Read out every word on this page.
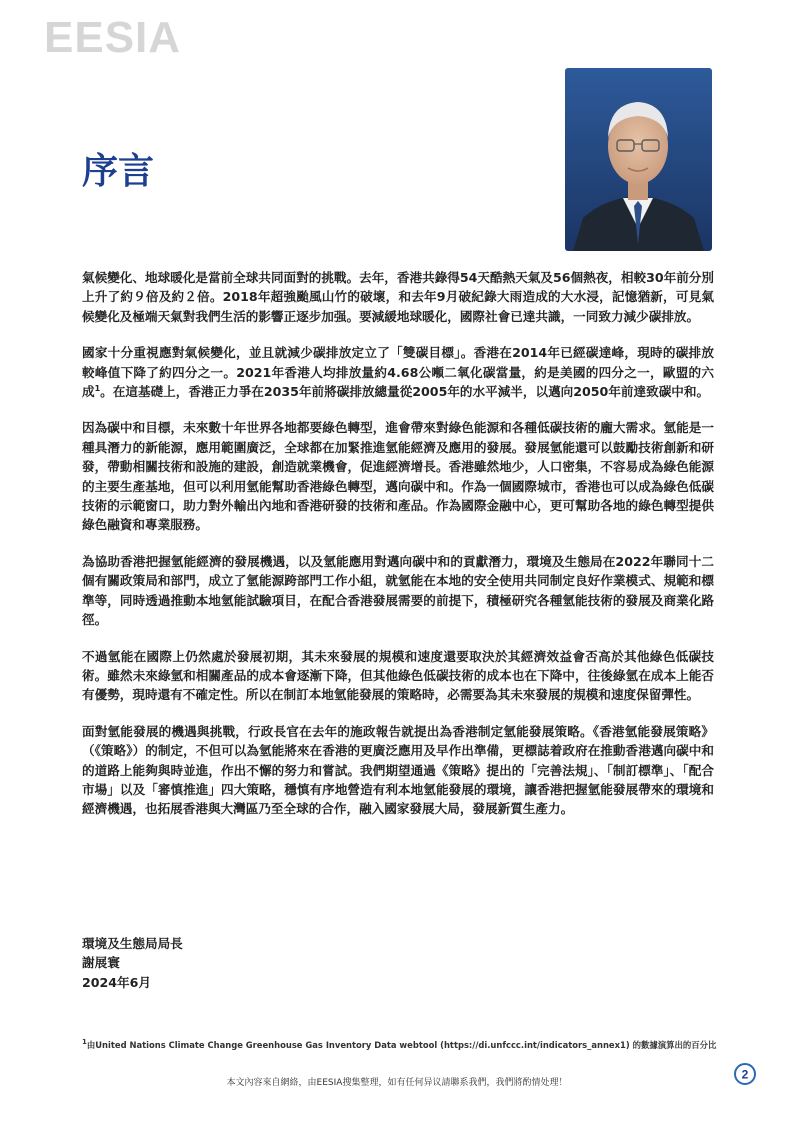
EESIA
序言

氣候變化、地球暖化是當前全球共同面對的挑戰。去年，香港共錄得54天酷熱天氣及56個熱夜，相較30年前分別上升了約９倍及約２倍。2018年超強颱風山竹的破壞，和去年9月破紀錄大雨造成的大水浸，記憶猶新，可見氣候變化及極端天氣對我們生活的影響正逐步加强。要減緩地球暖化，國際社會已達共識，一同致力減少碳排放。

國家十分重視應對氣候變化，並且就減少碳排放定立了「雙碳目標」。香港在2014年已經碳達峰，現時的碳排放較峰值下降了約四分之一。2021年香港人均排放量約4.68公噸二氧化碳當量，約是美國的四分之一，歐盟的六成$^1$。在這基礎上，香港正力爭在2035年前將碳排放總量從2005年的水平減半，以邁向2050年前達致碳中和。

因為碳中和目標，未來數十年世界各地都要綠色轉型，進會帶來對綠色能源和各種低碳技術的龐大需求。氫能是一種具潛力的新能源，應用範圍廣泛，全球都在加緊推進氫能經濟及應用的發展。發展氫能還可以鼓勵技術創新和研發，帶動相關技術和設施的建設，創造就業機會，促進經濟增長。香港雖然地少，人口密集，不容易成為綠色能源的主要生產基地，但可以利用氫能幫助香港綠色轉型，邁向碳中和。作為一個國際城市，香港也可以成為綠色低碳技術的示範窗口，助力對外輸出內地和香港研發的技術和產品。作為國際金融中心，更可幫助各地的綠色轉型提供綠色融資和專業服務。

為協助香港把握氫能經濟的發展機遇，以及氫能應用對邁向碳中和的貢獻潛力，環境及生態局在2022年聯同十二個有關政策局和部門，成立了氫能源跨部門工作小組，就氫能在本地的安全使用共同制定良好作業模式、規範和標準等，同時透過推動本地氫能試驗項目，在配合香港發展需要的前提下，積極研究各種氫能技術的發展及商業化路徑。

不過氫能在國際上仍然處於發展初期，其未來發展的規模和速度還要取決於其經濟效益會否高於其他綠色低碳技術。雖然未來綠氫和相關產品的成本會逐漸下降，但其他綠色低碳技術的成本也在下降中，往後綠氫在成本上能否有優勢，現時還有不確定性。所以在制訂本地氫能發展的策略時，必需要為其未來發展的規模和速度保留彈性。

面對氫能發展的機遇與挑戰，行政長官在去年的施政報告就提出為香港制定氫能發展策略。《香港氫能發展策略》（《策略》）的制定，不但可以為氫能將來在香港的更廣泛應用及早作出準備，更標誌着政府在推動香港邁向碳中和的道路上能夠與時並進，作出不懈的努力和嘗試。我們期望通過《策略》提出的「完善法規」、「制訂標準」、「配合市場」以及「審慎推進」四大策略，穩慎有序地營造有利本地氫能發展的環境，讓香港把握氫能發展帶來的環境和經濟機遇，也拓展香港與大灣區乃至全球的合作，融入國家發展大局，發展新質生產力。

環境及生態局局長
謝展寰
2024年6月
$^1$由United Nations Climate Change Greenhouse Gas Inventory Data webtool (https://di.unfccc.int/indicators_annex1) 的數據演算出的百分比
本文內容來自網絡，由EESIA搜集整理，如有任何异议請聯系我們，我們將酌情处理！
2
